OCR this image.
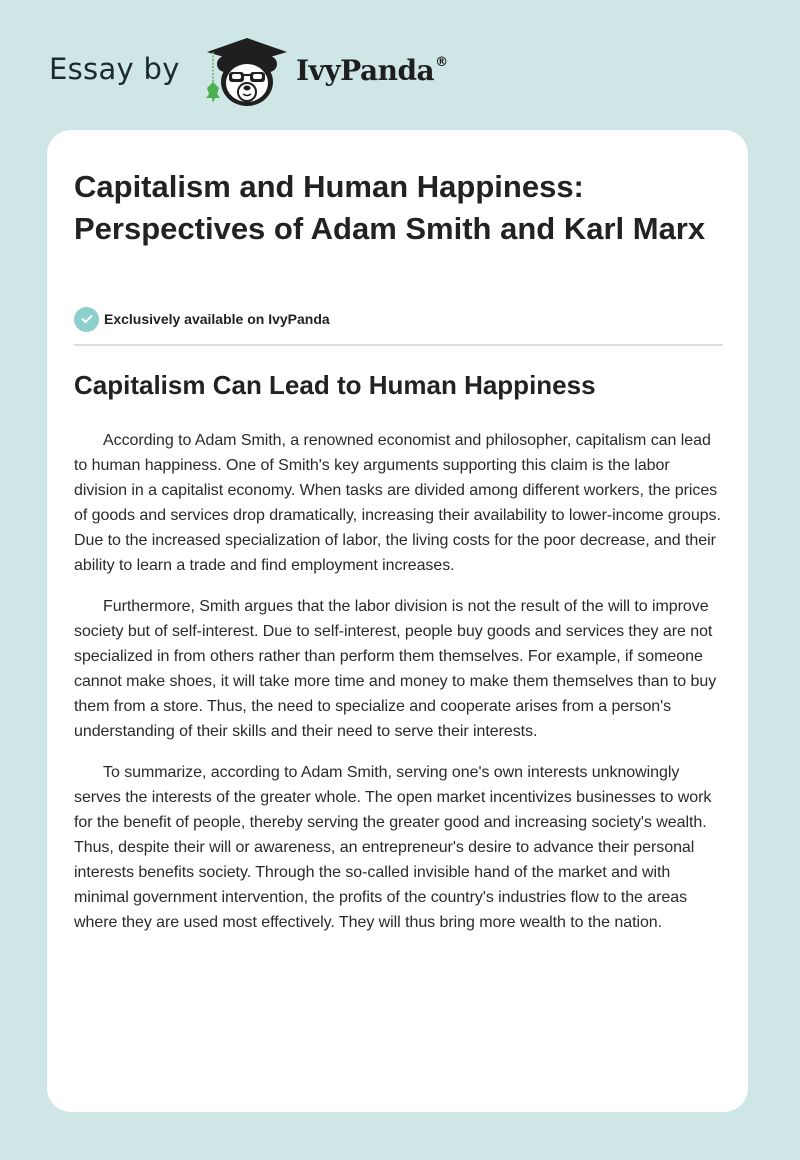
Essay by	IvyPanda®
Capitalism and Human Happiness: Perspectives of Adam Smith and Karl Marx
Exclusively available on IvyPanda
Capitalism Can Lead to Human Happiness

According to Adam Smith, a renowned economist and philosopher, capitalism can lead to human happiness. One of Smith's key arguments supporting this claim is the labor division in a capitalist economy. When tasks are divided among different workers, the prices of goods and services drop dramatically, increasing their availability to lower-income groups. Due to the increased specialization of labor, the living costs for the poor decrease, and their ability to learn a trade and find employment increases.

Furthermore, Smith argues that the labor division is not the result of the will to improve society but of self-interest. Due to self-interest, people buy goods and services they are not specialized in from others rather than perform them themselves. For example, if someone cannot make shoes, it will take more time and money to make them themselves than to buy them from a store. Thus, the need to specialize and cooperate arises from a person's understanding of their skills and their need to serve their interests.

To summarize, according to Adam Smith, serving one's own interests unknowingly serves the interests of the greater whole. The open market incentivizes businesses to work for the benefit of people, thereby serving the greater good and increasing society's wealth. Thus, despite their will or awareness, an entrepreneur's desire to advance their personal interests benefits society. Through the so-called invisible hand of the market and with minimal government intervention, the profits of the country's industries flow to the areas where they are used most effectively. They will thus bring more wealth to the nation.
